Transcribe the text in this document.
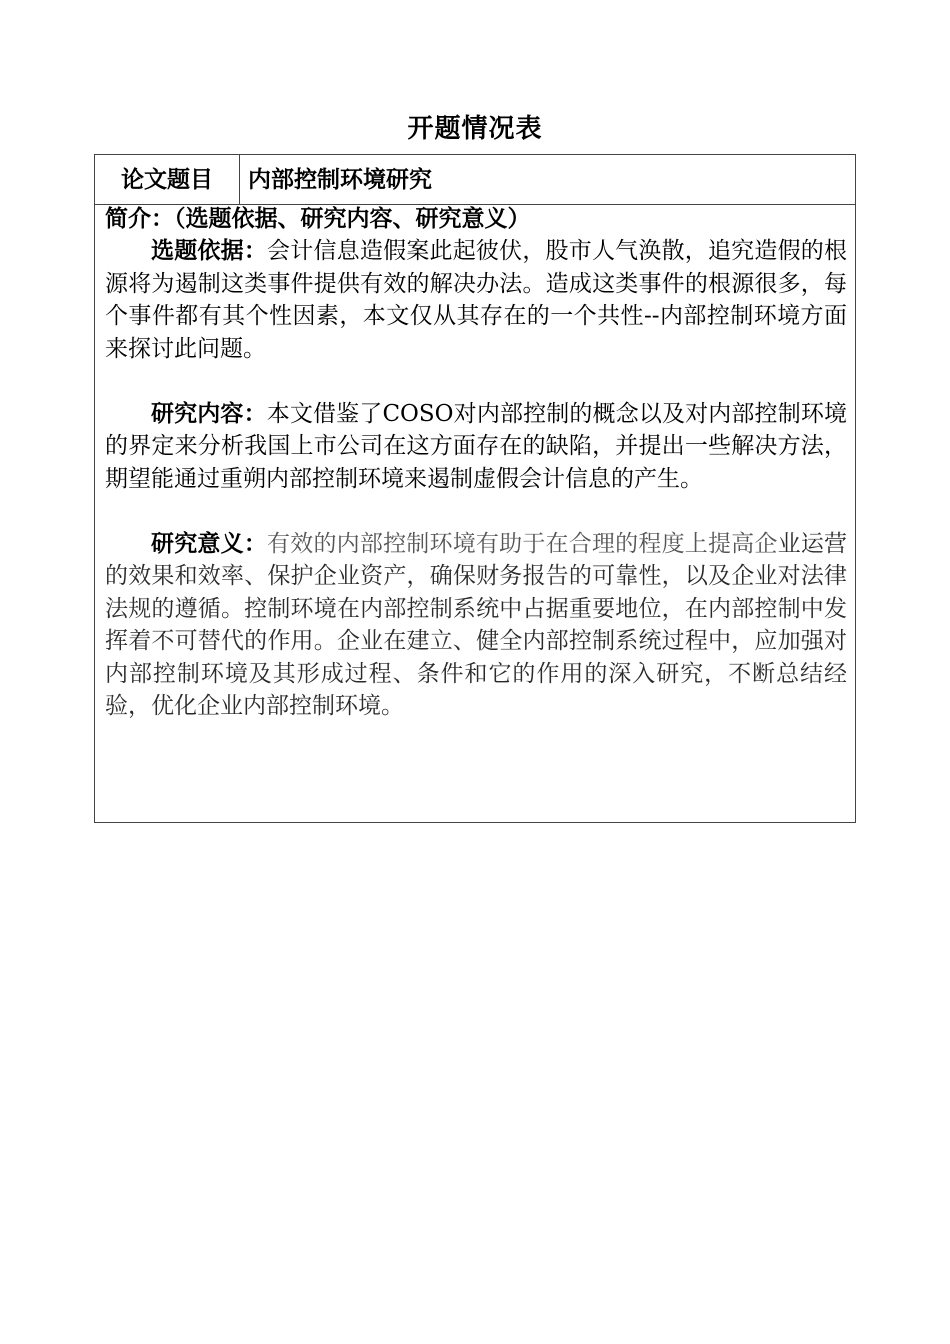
开题情况表
论文题目	内部控制环境研究

简介：（选题依据、研究内容、研究意义）

选题依据：会计信息造假案此起彼伏，股市人气涣散，追究造假的根源将为遏制这类事件提供有效的解决办法。造成这类事件的根源很多，每个事件都有其个性因素，本文仅从其存在的一个共性--内部控制环境方面来探讨此问题。

研究内容：本文借鉴了COSO对内部控制的概念以及对内部控制环境的界定来分析我国上市公司在这方面存在的缺陷，并提出一些解决方法，期望能通过重朔内部控制环境来遏制虚假会计信息的产生。

研究意义：有效的内部控制环境有助于在合理的程度上提高企业运营的效果和效率、保护企业资产，确保财务报告的可靠性，以及企业对法律法规的遵循。控制环境在内部控制系统中占据重要地位，在内部控制中发挥着不可替代的作用。企业在建立、健全内部控制系统过程中，应加强对内部控制环境及其形成过程、条件和它的作用的深入研究，不断总结经验，优化企业内部控制环境。
